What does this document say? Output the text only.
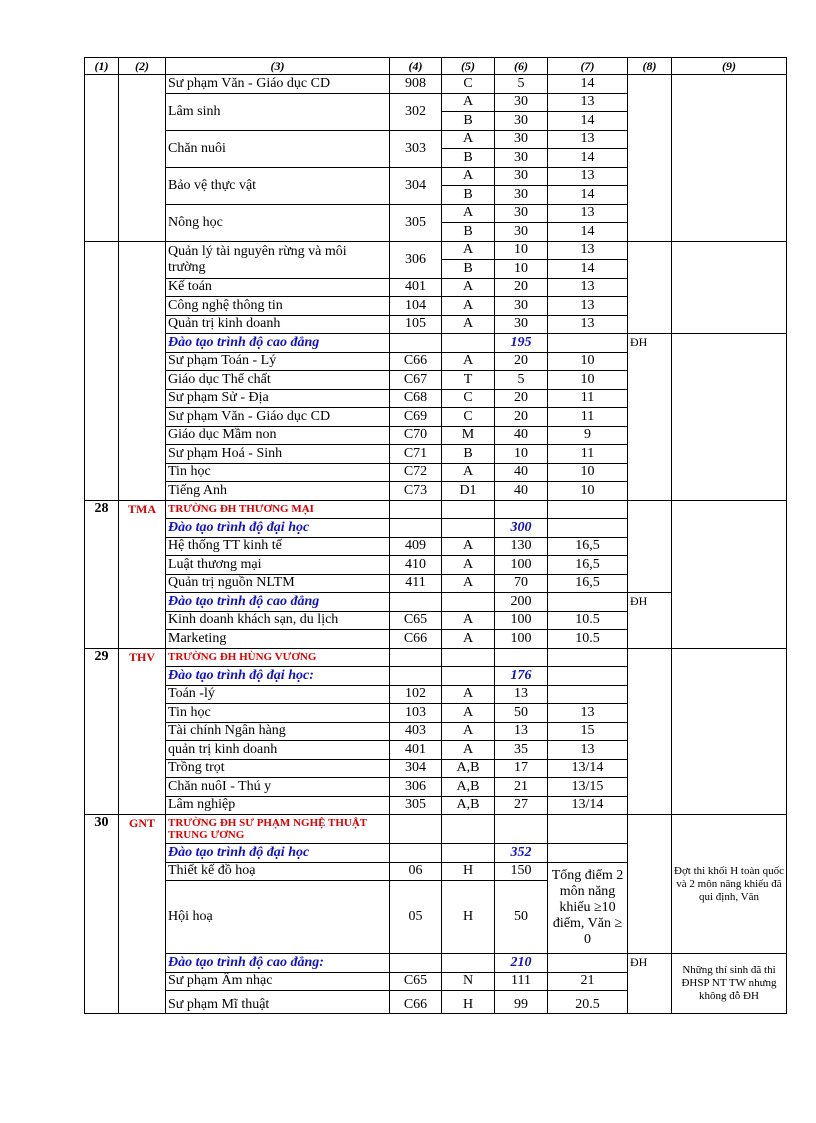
(1)	(2)	(3)	(4)	(5)	(6)	(7)	(8)	(9)
		Sư phạm Văn - Giáo dục CD	908	C	5	14		
		Lâm sinh	302	A	30	13		
				B	30	14		
		Chăn nuôi	303	A	30	13		
				B	30	14		
		Bảo vệ thực vật	304	A	30	13		
				B	30	14		
		Nông học	305	A	30	13		
				B	30	14		
		Quản lý tài nguyên rừng và môi trường	306	A	10	13		
				B	10	14		
		Kế toán	401	A	20	13		
		Công nghệ thông tin	104	A	30	13		
		Quản trị kinh doanh	105	A	30	13		
		Đào tạo trình độ cao đẳng			195		ĐH	
		Sư phạm Toán - Lý	C66	A	20	10		
		Giáo dục Thể chất	C67	T	5	10		
		Sư phạm Sử - Địa	C68	C	20	11		
		Sư phạm Văn - Giáo dục CD	C69	C	20	11		
		Giáo dục Mầm non	C70	M	40	9		
		Sư phạm Hoá - Sinh	C71	B	10	11		
		Tin học	C72	A	40	10		
		Tiếng Anh	C73	D1	40	10		
28	TMA	TRƯỜNG ĐH THƯƠNG MẠI						
		Đào tạo trình độ đại học			300			
		Hệ thống TT kinh tế	409	A	130	16,5		
		Luật thương mại	410	A	100	16,5		
		Quản trị nguồn NLTM	411	A	70	16,5		
		Đào tạo trình độ cao đẳng			200		ĐH	
		Kinh doanh khách sạn, du lịch	C65	A	100	10.5		
		Marketing	C66	A	100	10.5		
29	THV	TRƯỜNG ĐH HÙNG VƯƠNG						
		Đào tạo trình độ đại học:			176			
		Toán -lý	102	A	13			
		Tin học	103	A	50	13		
		Tài chính Ngân hàng	403	A	13	15		
		quản trị kinh doanh	401	A	35	13		
		Trồng trọt	304	A,B	17	13/14		
		Chăn nuôI - Thú y	306	A,B	21	13/15		
		Lâm nghiệp	305	A,B	27	13/14		
30	GNT	TRƯỜNG ĐH SƯ PHẠM NGHỆ THUẬT TRUNG ƯƠNG						Đợt thi khối H toàn quốc và 2 môn năng khiếu đã qui định, Văn
		Đào tạo trình độ đại học			352			
		Thiết kế đồ hoạ	06	H	150	Tổng điểm 2 môn năng khiếu ≥10 điểm, Văn ≥ 0		
		Hội hoạ	05	H	50			
		Đào tạo trình độ cao đẳng:			210		ĐH	Những thí sinh đã thi ĐHSP NT TW nhưng không đỗ ĐH
		Sư phạm Âm nhạc	C65	N	111	21		
		Sư phạm Mĩ thuật	C66	H	99	20.5		
